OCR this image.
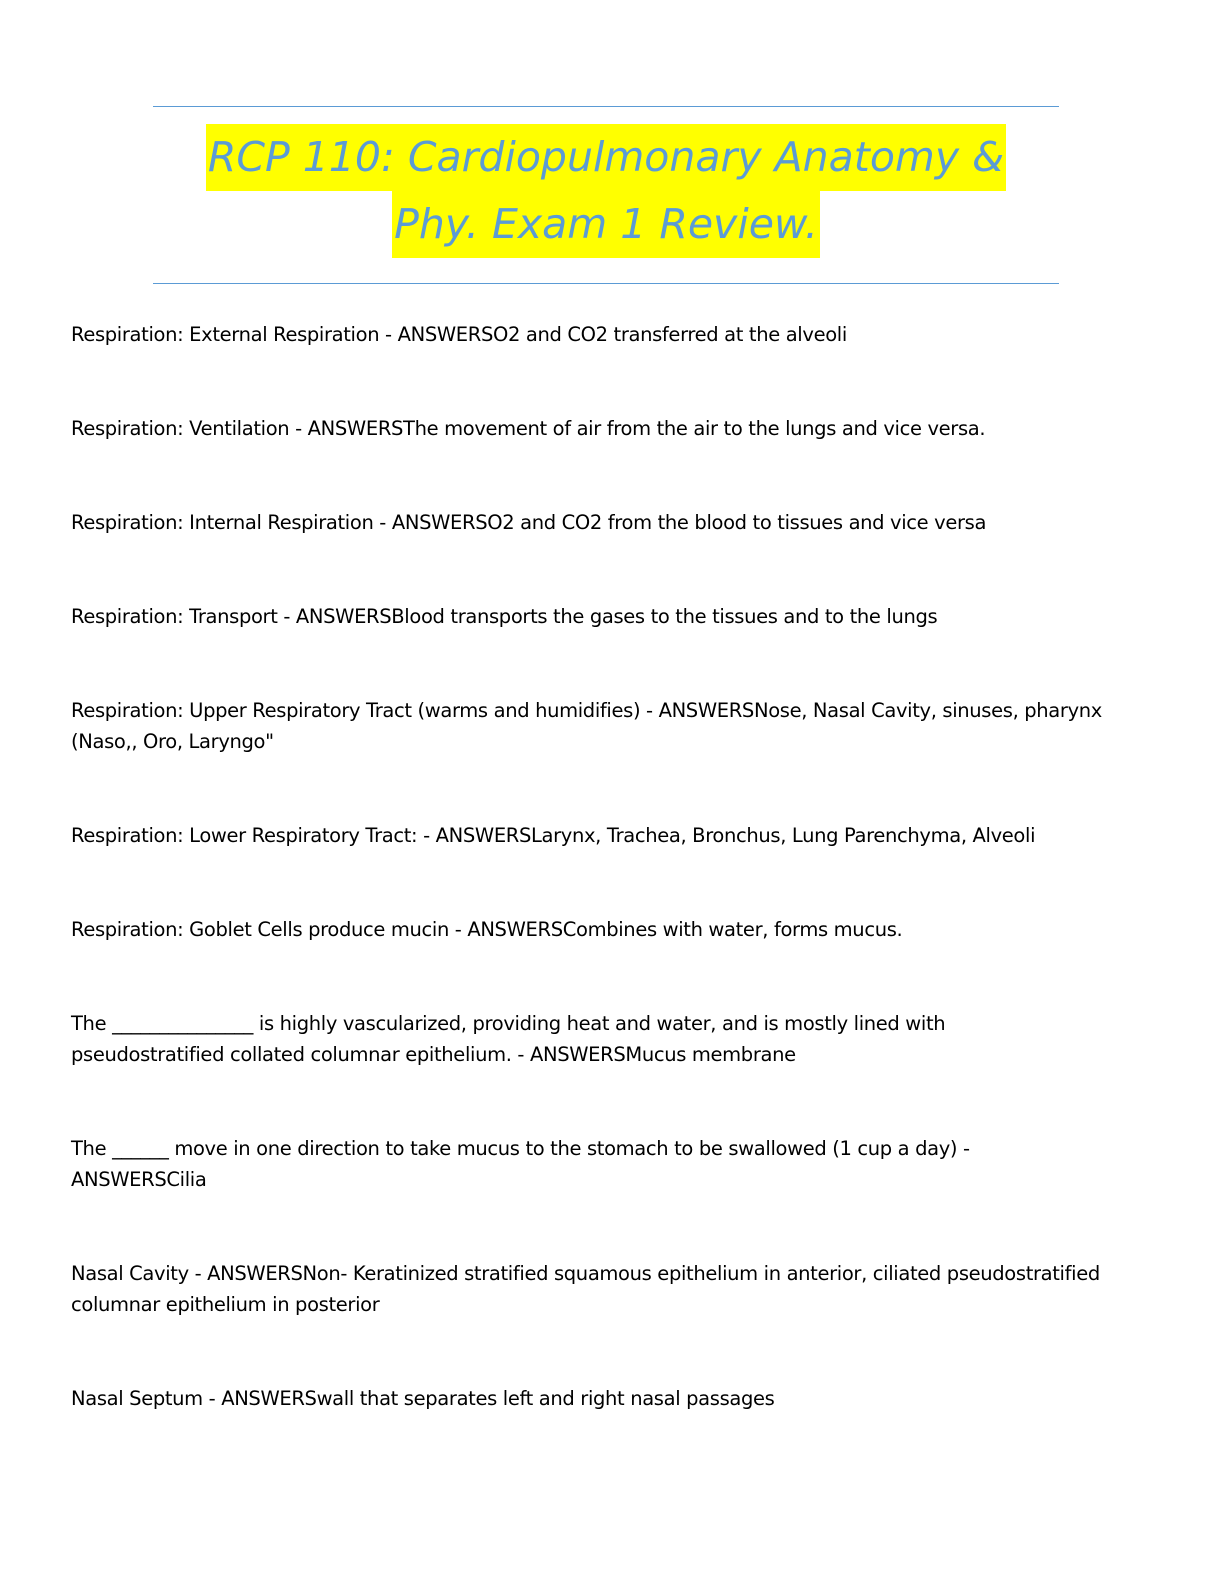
RCP 110: Cardiopulmonary Anatomy &
Phy. Exam 1 Review.

Respiration: External Respiration - ANSWERSO2 and CO2 transferred at the alveoli

Respiration: Ventilation - ANSWERSThe movement of air from the air to the lungs and vice versa.

Respiration: Internal Respiration - ANSWERSO2 and CO2 from the blood to tissues and vice versa

Respiration: Transport - ANSWERSBlood transports the gases to the tissues and to the lungs

Respiration: Upper Respiratory Tract (warms and humidifies) - ANSWERSNose, Nasal Cavity, sinuses, pharynx
(Naso,, Oro, Laryngo"

Respiration: Lower Respiratory Tract: - ANSWERSLarynx, Trachea, Bronchus, Lung Parenchyma, Alveoli

Respiration: Goblet Cells produce mucin - ANSWERSCombines with water, forms mucus.

The _______________ is highly vascularized, providing heat and water, and is mostly lined with
pseudostratified collated columnar epithelium. - ANSWERSMucus membrane

The ______ move in one direction to take mucus to the stomach to be swallowed (1 cup a day) -
ANSWERSCilia

Nasal Cavity - ANSWERSNon- Keratinized stratified squamous epithelium in anterior, ciliated pseudostratified
columnar epithelium in posterior

Nasal Septum - ANSWERSwall that separates left and right nasal passages
